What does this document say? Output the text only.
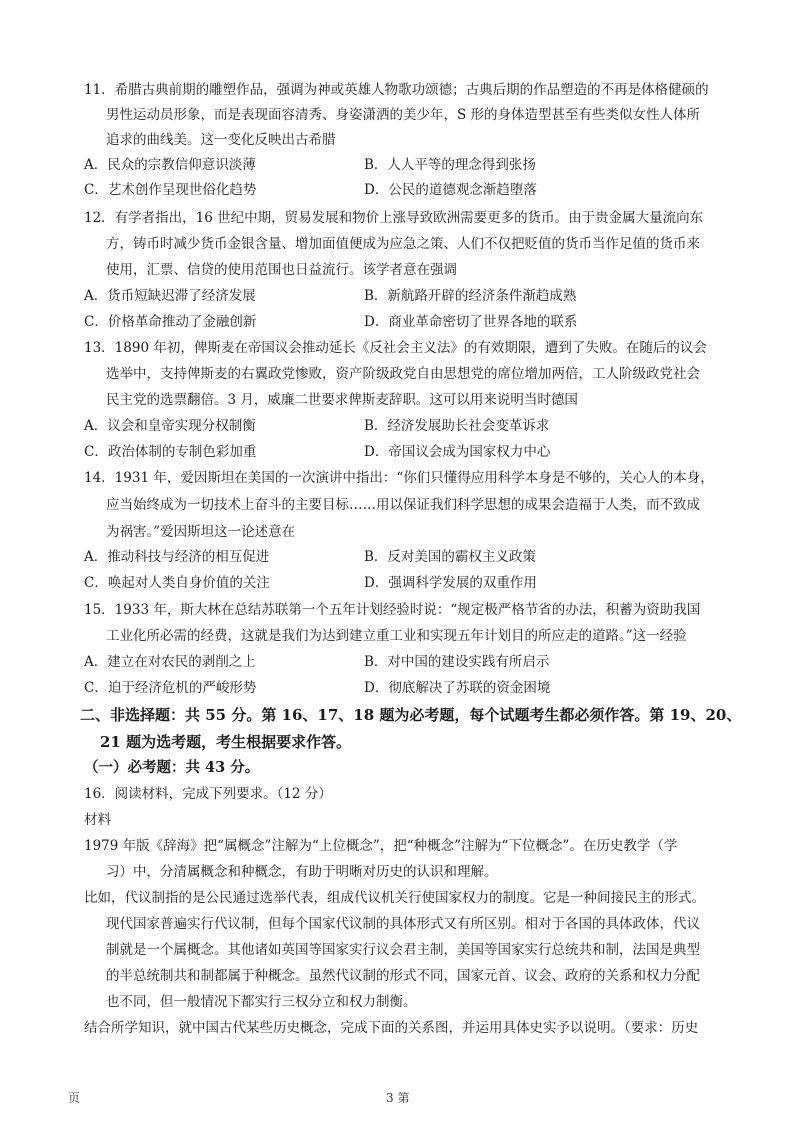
11．希腊古典前期的雕塑作品，强调为神或英雄人物歌功颂德；古典后期的作品塑造的不再是体格健硕的
男性运动员形象，而是表现面容清秀、身姿潇洒的美少年，S 形的身体造型甚至有些类似女性人体所
追求的曲线美。这一变化反映出古希腊
A．民众的宗教信仰意识淡薄	B．人人平等的理念得到张扬
C．艺术创作呈现世俗化趋势	D．公民的道德观念渐趋堕落
12．有学者指出，16 世纪中期，贸易发展和物价上涨导致欧洲需要更多的货币。由于贵金属大量流向东
方，铸币时减少货币金银含量、增加面值便成为应急之策、人们不仅把贬值的货币当作足值的货币来
使用，汇票、信贷的使用范围也日益流行。该学者意在强调
A．货币短缺迟滞了经济发展	B．新航路开辟的经济条件渐趋成熟
C．价格革命推动了金融创新	D．商业革命密切了世界各地的联系
13．1890 年初，俾斯麦在帝国议会推动延长《反社会主义法》的有效期限，遭到了失败。在随后的议会
选举中，支持俾斯麦的右翼政党惨败，资产阶级政党自由思想党的席位增加两倍，工人阶级政党社会
民主党的选票翻倍。3 月，威廉二世要求俾斯麦辞职。这可以用来说明当时德国
A．议会和皇帝实现分权制衡	B．经济发展助长社会变革诉求
C．政治体制的专制色彩加重	D．帝国议会成为国家权力中心
14．1931 年，爱因斯坦在美国的一次演讲中指出：“你们只懂得应用科学本身是不够的，关心人的本身，
应当始终成为一切技术上奋斗的主要目标……用以保证我们科学思想的成果会造福于人类，而不致成
为祸害。”爱因斯坦这一论述意在
A．推动科技与经济的相互促进	B．反对美国的霸权主义政策
C．唤起对人类自身价值的关注	D．强调科学发展的双重作用
15．1933 年，斯大林在总结苏联第一个五年计划经验时说：“规定极严格节省的办法，积蓄为资助我国
工业化所必需的经费，这就是我们为达到建立重工业和实现五年计划目的所应走的道路。”这一经验
A．建立在对农民的剥削之上	B．对中国的建设实践有所启示
C．迫于经济危机的严峻形势	D．彻底解决了苏联的资金困境
二、非选择题：共 55 分。第 16、17、18 题为必考题，每个试题考生都必须作答。第 19、20、
21 题为选考题，考生根据要求作答。
（一）必考题：共 43 分。
16．阅读材料，完成下列要求。（12 分）
材料
1979 年版《辞海》把“属概念”注解为“上位概念”，把“种概念”注解为“下位概念”。在历史教学（学
习）中，分清属概念和种概念，有助于明晰对历史的认识和理解。
比如，代议制指的是公民通过选举代表，组成代议机关行使国家权力的制度。它是一种间接民主的形式。
现代国家普遍实行代议制，但每个国家代议制的具体形式又有所区别。相对于各国的具体政体，代议
制就是一个属概念。其他诸如英国等国家实行议会君主制，美国等国家实行总统共和制，法国是典型
的半总统制共和制都属于种概念。虽然代议制的形式不同，国家元首、议会、政府的关系和权力分配
也不同，但一般情况下都实行三权分立和权力制衡。
结合所学知识，就中国古代某些历史概念，完成下面的关系图，并运用具体史实予以说明。（要求：历史
页	3 第
